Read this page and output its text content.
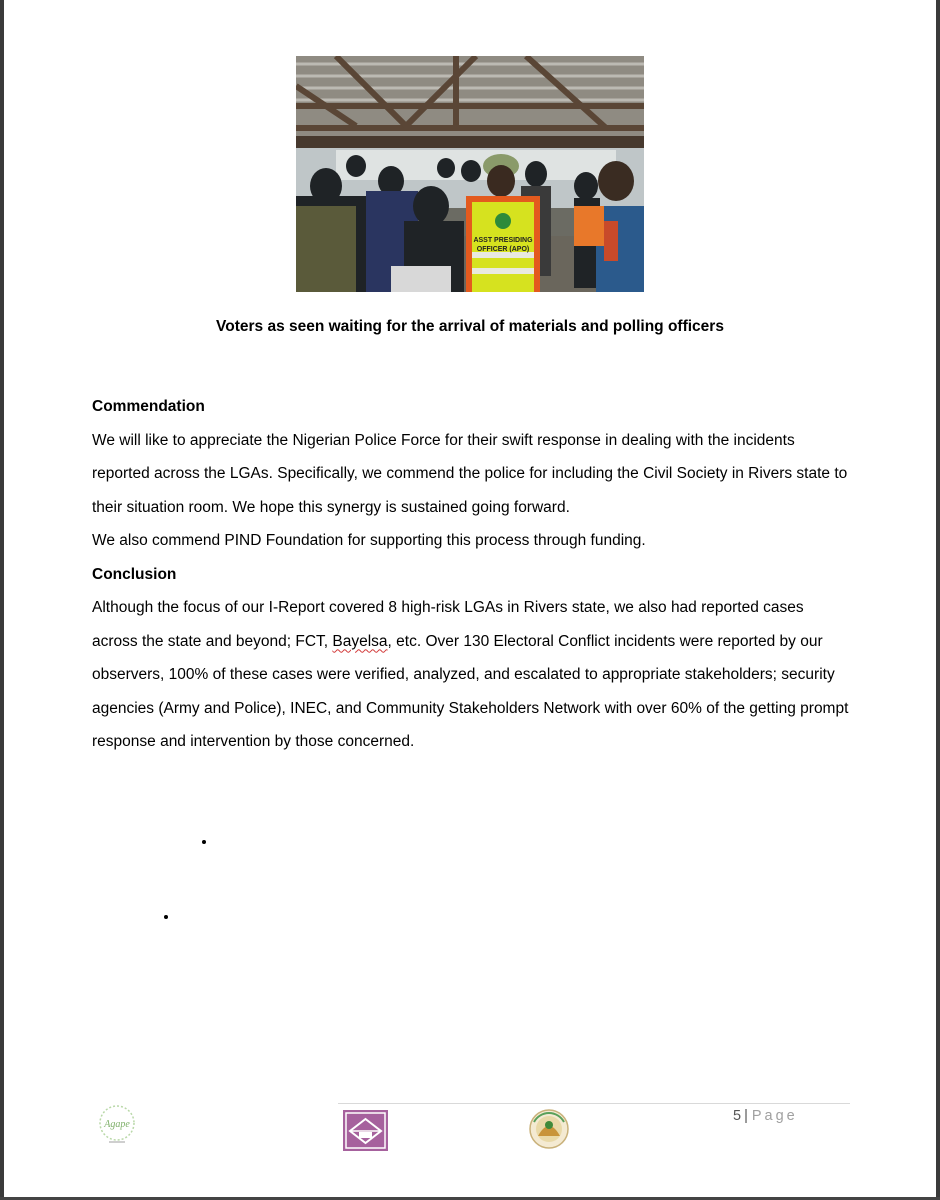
ASST PRESIDING
OFFICER (APO)
Voters as seen waiting for the arrival of materials and polling officers
Commendation

We will like to appreciate the Nigerian Police Force for their swift response in dealing with the incidents reported across the LGAs. Specifically, we commend the police for including the Civil Society in Rivers state to their situation room. We hope this synergy is sustained going forward.

We also commend PIND Foundation for supporting this process through funding.

Conclusion

Although the focus of our I-Report covered 8 high-risk LGAs in Rivers state, we also had reported cases across the state and beyond; FCT, Bayelsa, etc. Over 130 Electoral Conflict incidents were reported by our observers, 100% of these cases were verified, analyzed, and escalated to appropriate stakeholders; security agencies (Army and Police), INEC, and Community Stakeholders Network with over 60% of the getting prompt response and intervention by those concerned.

5 | Page
Agape
